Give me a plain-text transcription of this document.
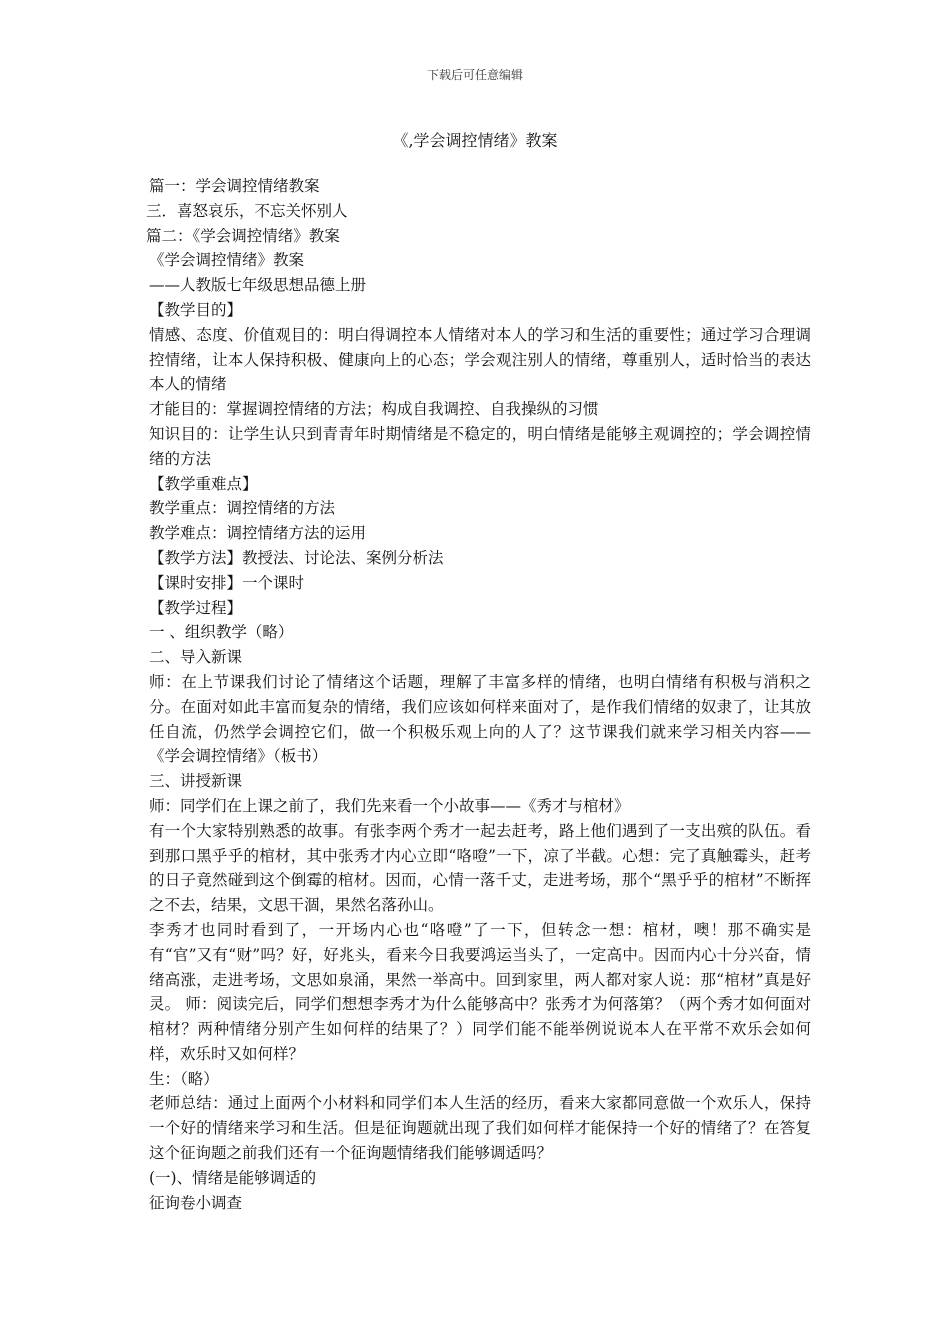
下载后可任意编辑
《,学会调控情绪》教案

篇一：学会调控情绪教案

三．喜怒哀乐，不忘关怀别人

篇二：《学会调控情绪》教案

《学会调控情绪》教案

——人教版七年级思想品德上册

【教学目的】

情感、态度、价值观目的：明白得调控本人情绪对本人的学习和生活的重要性；通过学习合理调控情绪，让本人保持积极、健康向上的心态；学会观注别人的情绪，尊重别人，适时恰当的表达本人的情绪

才能目的：掌握调控情绪的方法；构成自我调控、自我操纵的习惯

知识目的：让学生认只到青青年时期情绪是不稳定的，明白情绪是能够主观调控的；学会调控情绪的方法

【教学重难点】

教学重点：调控情绪的方法

教学难点：调控情绪方法的运用

【教学方法】教授法、讨论法、案例分析法

【课时安排】一个课时

【教学过程】

一 、组织教学（略）

二、导入新课

师：在上节课我们讨论了情绪这个话题，理解了丰富多样的情绪，也明白情绪有积极与消积之分。在面对如此丰富而复杂的情绪，我们应该如何样来面对了，是作我们情绪的奴隶了，让其放任自流，仍然学会调控它们，做一个积极乐观上向的人了？这节课我们就来学习相关内容——《学会调控情绪》（板书）

三、讲授新课

师：同学们在上课之前了，我们先来看一个小故事——《秀才与棺材》

有一个大家特别熟悉的故事。有张李两个秀才一起去赶考，路上他们遇到了一支出殡的队伍。看到那口黑乎乎的棺材，其中张秀才内心立即“咯噔”一下，凉了半截。心想：完了真触霉头，赶考的日子竟然碰到这个倒霉的棺材。因而，心情一落千丈，走进考场，那个“黑乎乎的棺材”不断挥之不去，结果，文思干涸，果然名落孙山。

李秀才也同时看到了，一开场内心也“咯噔”了一下，但转念一想：棺材，噢！那不确实是有“官”又有“财”吗？好，好兆头，看来今日我要鸿运当头了，一定高中。因而内心十分兴奋，情绪高涨，走进考场，文思如泉涌，果然一举高中。回到家里，两人都对家人说：那“棺材”真是好灵。 师：阅读完后，同学们想想李秀才为什么能够高中？张秀才为何落第？（两个秀才如何面对棺材？两种情绪分别产生如何样的结果了？）同学们能不能举例说说本人在平常不欢乐会如何样，欢乐时又如何样？

生：（略）

老师总结：通过上面两个小材料和同学们本人生活的经历，看来大家都同意做一个欢乐人，保持一个好的情绪来学习和生活。但是征询题就出现了我们如何样才能保持一个好的情绪了？在答复这个征询题之前我们还有一个征询题情绪我们能够调适吗？

(一)、情绪是能够调适的

征询卷小调查
